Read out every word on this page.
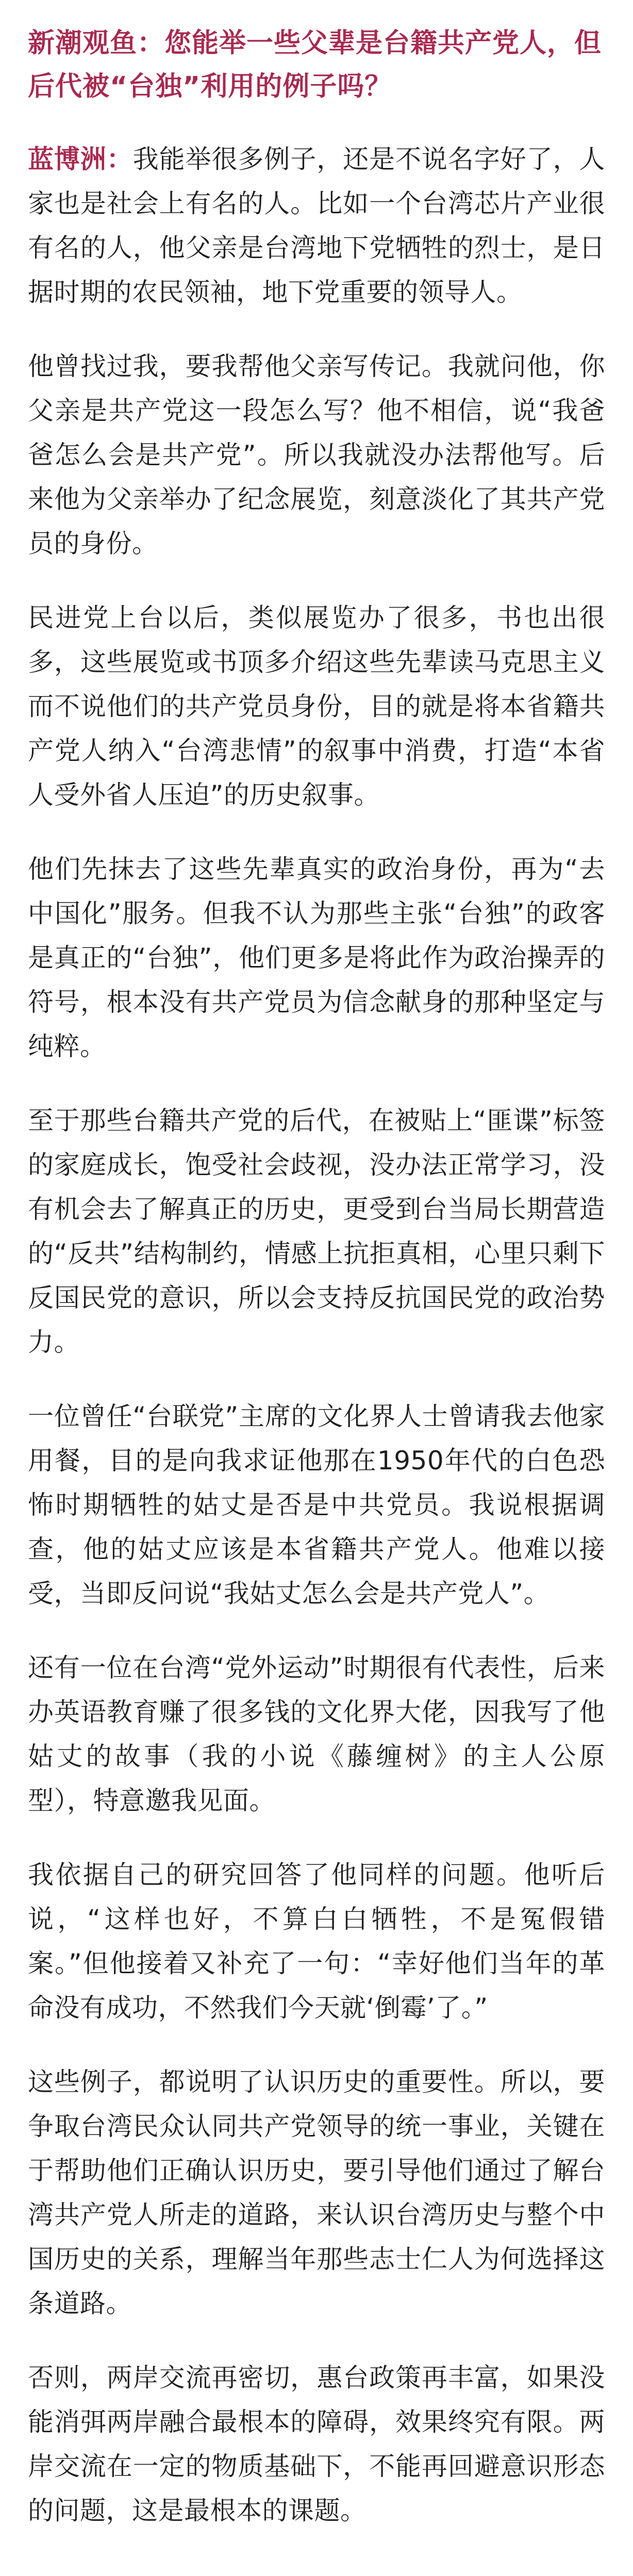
新潮观鱼：您能举一些父辈是台籍共产党人，但后代被“台独”利用的例子吗？

蓝博洲：我能举很多例子，还是不说名字好了，人家也是社会上有名的人。比如一个台湾芯片产业很有名的人，他父亲是台湾地下党牺牲的烈士，是日据时期的农民领袖，地下党重要的领导人。

他曾找过我，要我帮他父亲写传记。我就问他，你父亲是共产党这一段怎么写？他不相信，说“我爸爸怎么会是共产党”。所以我就没办法帮他写。后来他为父亲举办了纪念展览，刻意淡化了其共产党员的身份。

民进党上台以后，类似展览办了很多，书也出很多，这些展览或书顶多介绍这些先辈读马克思主义而不说他们的共产党员身份，目的就是将本省籍共产党人纳入“台湾悲情”的叙事中消费，打造“本省人受外省人压迫”的历史叙事。

他们先抹去了这些先辈真实的政治身份，再为“去中国化”服务。但我不认为那些主张“台独”的政客是真正的“台独”，他们更多是将此作为政治操弄的符号，根本没有共产党员为信念献身的那种坚定与纯粹。

至于那些台籍共产党的后代，在被贴上“匪谍”标签的家庭成长，饱受社会歧视，没办法正常学习，没有机会去了解真正的历史，更受到台当局长期营造的“反共”结构制约，情感上抗拒真相，心里只剩下反国民党的意识，所以会支持反抗国民党的政治势力。

一位曾任“台联党”主席的文化界人士曾请我去他家用餐，目的是向我求证他那在1950年代的白色恐怖时期牺牲的姑丈是否是中共党员。我说根据调查，他的姑丈应该是本省籍共产党人。他难以接受，当即反问说“我姑丈怎么会是共产党人”。

还有一位在台湾“党外运动”时期很有代表性，后来办英语教育赚了很多钱的文化界大佬，因我写了他姑丈的故事（我的小说《藤缠树》的主人公原型），特意邀我见面。

我依据自己的研究回答了他同样的问题。他听后说，“这样也好，不算白白牺牲，不是冤假错案。”但他接着又补充了一句：“幸好他们当年的革命没有成功，不然我们今天就‘倒霉’了。”

这些例子，都说明了认识历史的重要性。所以，要争取台湾民众认同共产党领导的统一事业，关键在于帮助他们正确认识历史，要引导他们通过了解台湾共产党人所走的道路，来认识台湾历史与整个中国历史的关系，理解当年那些志士仁人为何选择这条道路。

否则，两岸交流再密切，惠台政策再丰富，如果没能消弭两岸融合最根本的障碍，效果终究有限。两岸交流在一定的物质基础下，不能再回避意识形态的问题，这是最根本的课题。
